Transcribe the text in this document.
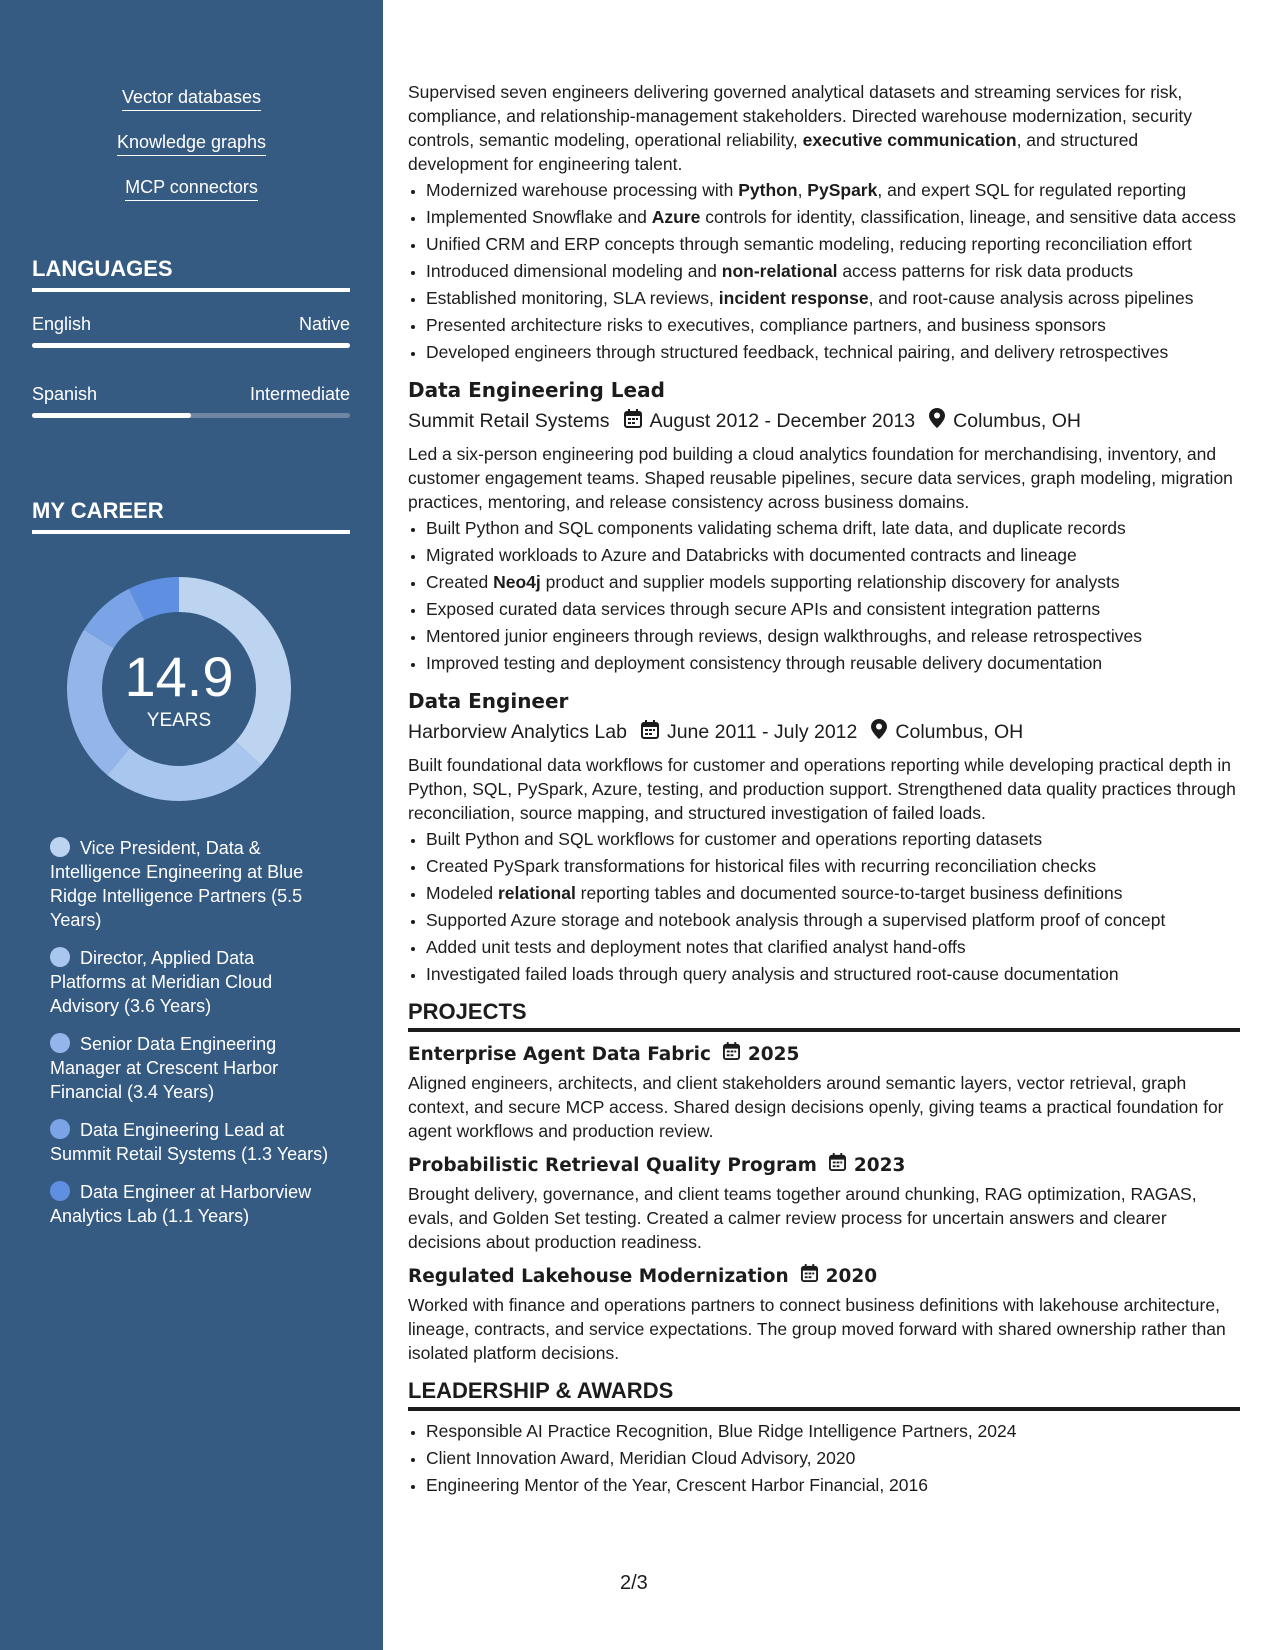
Vector databases
Knowledge graphs
MCP connectors
LANGUAGES
English	Native
Spanish	Intermediate
MY CAREER
14.9
YEARS
Vice President, Data & Intelligence Engineering at Blue Ridge Intelligence Partners (5.5 Years)
Director, Applied Data Platforms at Meridian Cloud Advisory (3.6 Years)
Senior Data Engineering Manager at Crescent Harbor Financial (3.4 Years)
Data Engineering Lead at Summit Retail Systems (1.3 Years)
Data Engineer at Harborview Analytics Lab (1.1 Years)

Supervised seven engineers delivering governed analytical datasets and streaming services for risk, compliance, and relationship-management stakeholders. Directed warehouse modernization, security controls, semantic modeling, operational reliability, executive communication, and structured development for engineering talent.

• Modernized warehouse processing with Python, PySpark, and expert SQL for regulated reporting
• Implemented Snowflake and Azure controls for identity, classification, lineage, and sensitive data access
• Unified CRM and ERP concepts through semantic modeling, reducing reporting reconciliation effort
• Introduced dimensional modeling and non-relational access patterns for risk data products
• Established monitoring, SLA reviews, incident response, and root-cause analysis across pipelines
• Presented architecture risks to executives, compliance partners, and business sponsors
• Developed engineers through structured feedback, technical pairing, and delivery retrospectives
Data Engineering Lead
Summit Retail Systems August 2012 - December 2013 Columbus, OH

Led a six-person engineering pod building a cloud analytics foundation for merchandising, inventory, and customer engagement teams. Shaped reusable pipelines, secure data services, graph modeling, migration practices, mentoring, and release consistency across business domains.

• Built Python and SQL components validating schema drift, late data, and duplicate records
• Migrated workloads to Azure and Databricks with documented contracts and lineage
• Created Neo4j product and supplier models supporting relationship discovery for analysts
• Exposed curated data services through secure APIs and consistent integration patterns
• Mentored junior engineers through reviews, design walkthroughs, and release retrospectives
• Improved testing and deployment consistency through reusable delivery documentation
Data Engineer
Harborview Analytics Lab June 2011 - July 2012 Columbus, OH

Built foundational data workflows for customer and operations reporting while developing practical depth in Python, SQL, PySpark, Azure, testing, and production support. Strengthened data quality practices through reconciliation, source mapping, and structured investigation of failed loads.

• Built Python and SQL workflows for customer and operations reporting datasets
• Created PySpark transformations for historical files with recurring reconciliation checks
• Modeled relational reporting tables and documented source-to-target business definitions
• Supported Azure storage and notebook analysis through a supervised platform proof of concept
• Added unit tests and deployment notes that clarified analyst hand-offs
• Investigated failed loads through query analysis and structured root-cause documentation
PROJECTS
Enterprise Agent Data Fabric 2025

Aligned engineers, architects, and client stakeholders around semantic layers, vector retrieval, graph context, and secure MCP access. Shared design decisions openly, giving teams a practical foundation for agent workflows and production review.

Probabilistic Retrieval Quality Program 2023

Brought delivery, governance, and client teams together around chunking, RAG optimization, RAGAS, evals, and Golden Set testing. Created a calmer review process for uncertain answers and clearer decisions about production readiness.

Regulated Lakehouse Modernization 2020

Worked with finance and operations partners to connect business definitions with lakehouse architecture, lineage, contracts, and service expectations. The group moved forward with shared ownership rather than isolated platform decisions.

LEADERSHIP & AWARDS
• Responsible AI Practice Recognition, Blue Ridge Intelligence Partners, 2024
• Client Innovation Award, Meridian Cloud Advisory, 2020
• Engineering Mentor of the Year, Crescent Harbor Financial, 2016
2/3
